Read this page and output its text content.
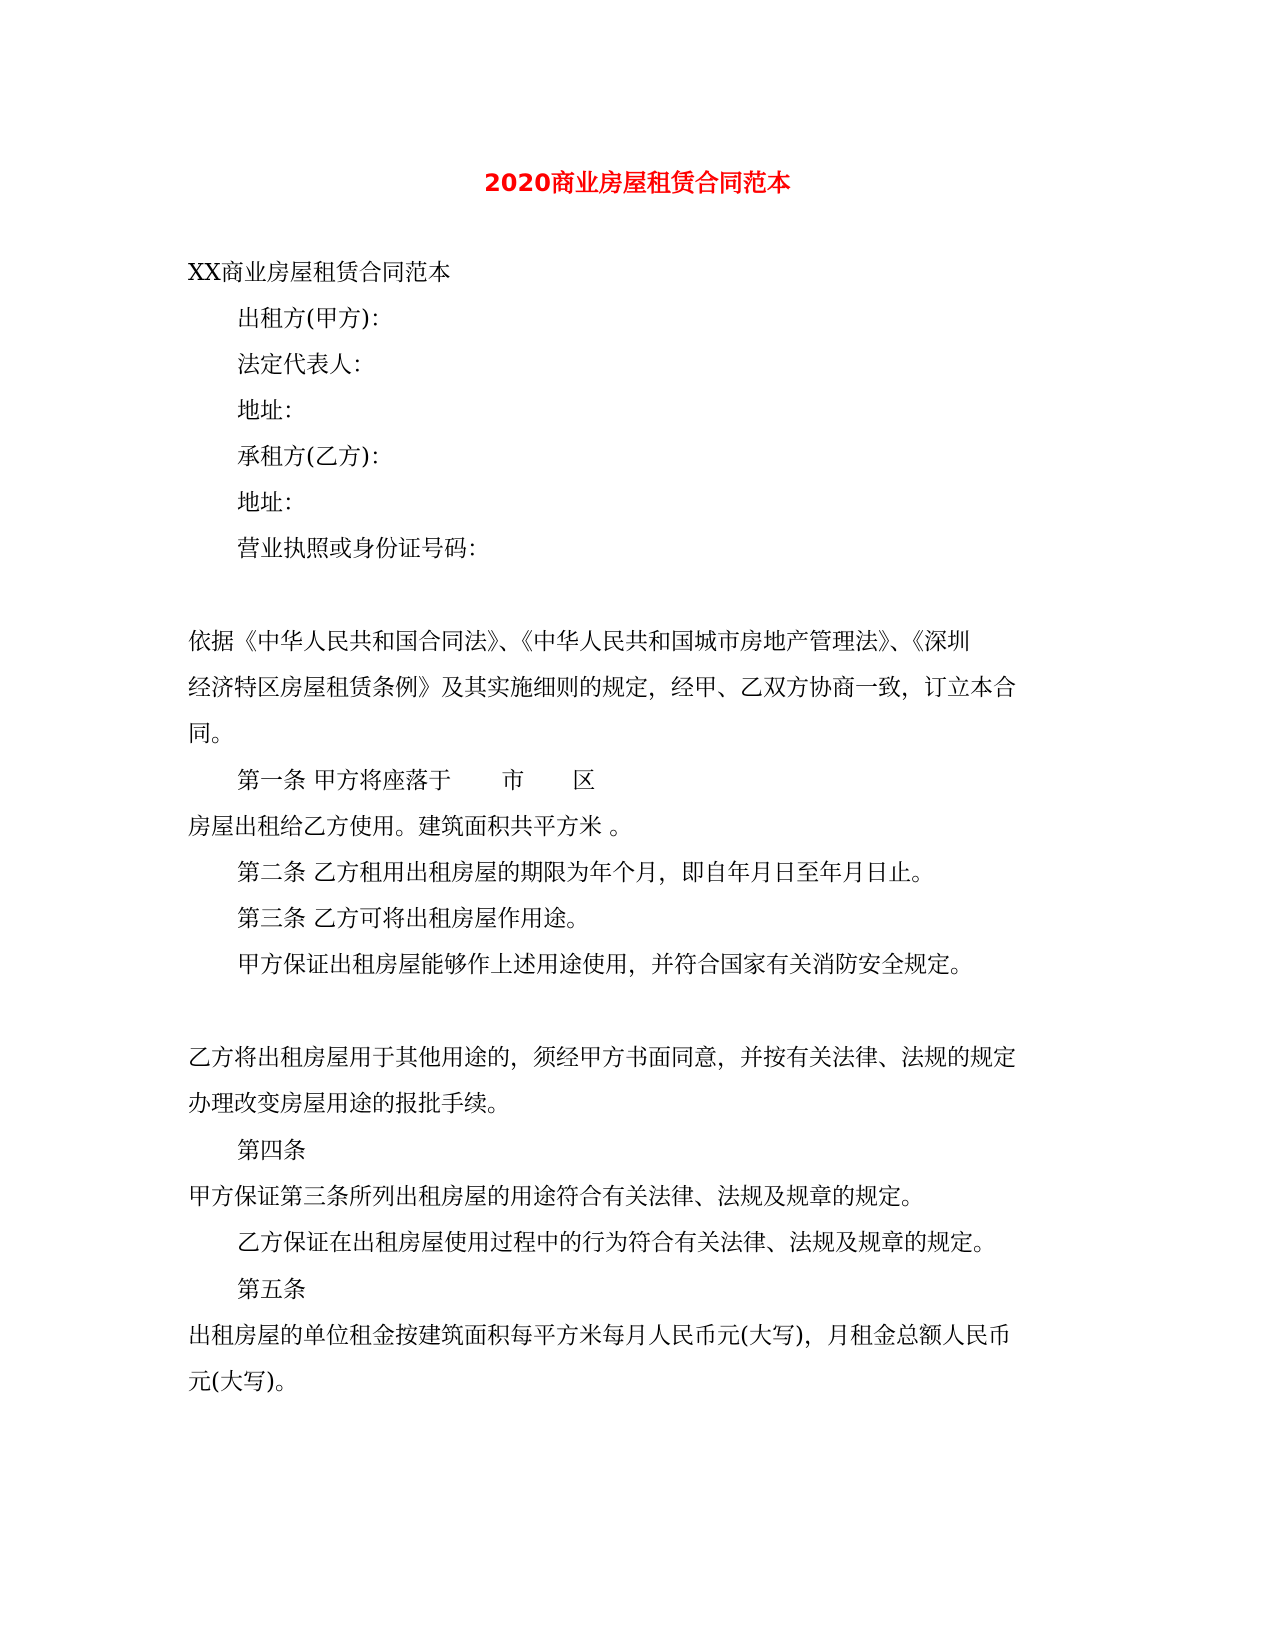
2020商业房屋租赁合同范本
XX商业房屋租赁合同范本
出租方(甲方)：
法定代表人：
地址：
承租方(乙方)：
地址：
营业执照或身份证号码：
依据《中华人民共和国合同法》、《中华人民共和国城市房地产管理法》、《深圳
经济特区房屋租赁条例》及其实施细则的规定，经甲、乙双方协商一致，订立本合
同。
第一条 甲方将座落于 市 区
房屋出租给乙方使用。建筑面积共平方米 。
第二条 乙方租用出租房屋的期限为年个月，即自年月日至年月日止。
第三条 乙方可将出租房屋作用途。
甲方保证出租房屋能够作上述用途使用，并符合国家有关消防安全规定。
乙方将出租房屋用于其他用途的，须经甲方书面同意，并按有关法律、法规的规定
办理改变房屋用途的报批手续。
第四条
甲方保证第三条所列出租房屋的用途符合有关法律、法规及规章的规定。
乙方保证在出租房屋使用过程中的行为符合有关法律、法规及规章的规定。
第五条
出租房屋的单位租金按建筑面积每平方米每月人民币元(大写)，月租金总额人民币
元(大写)。
